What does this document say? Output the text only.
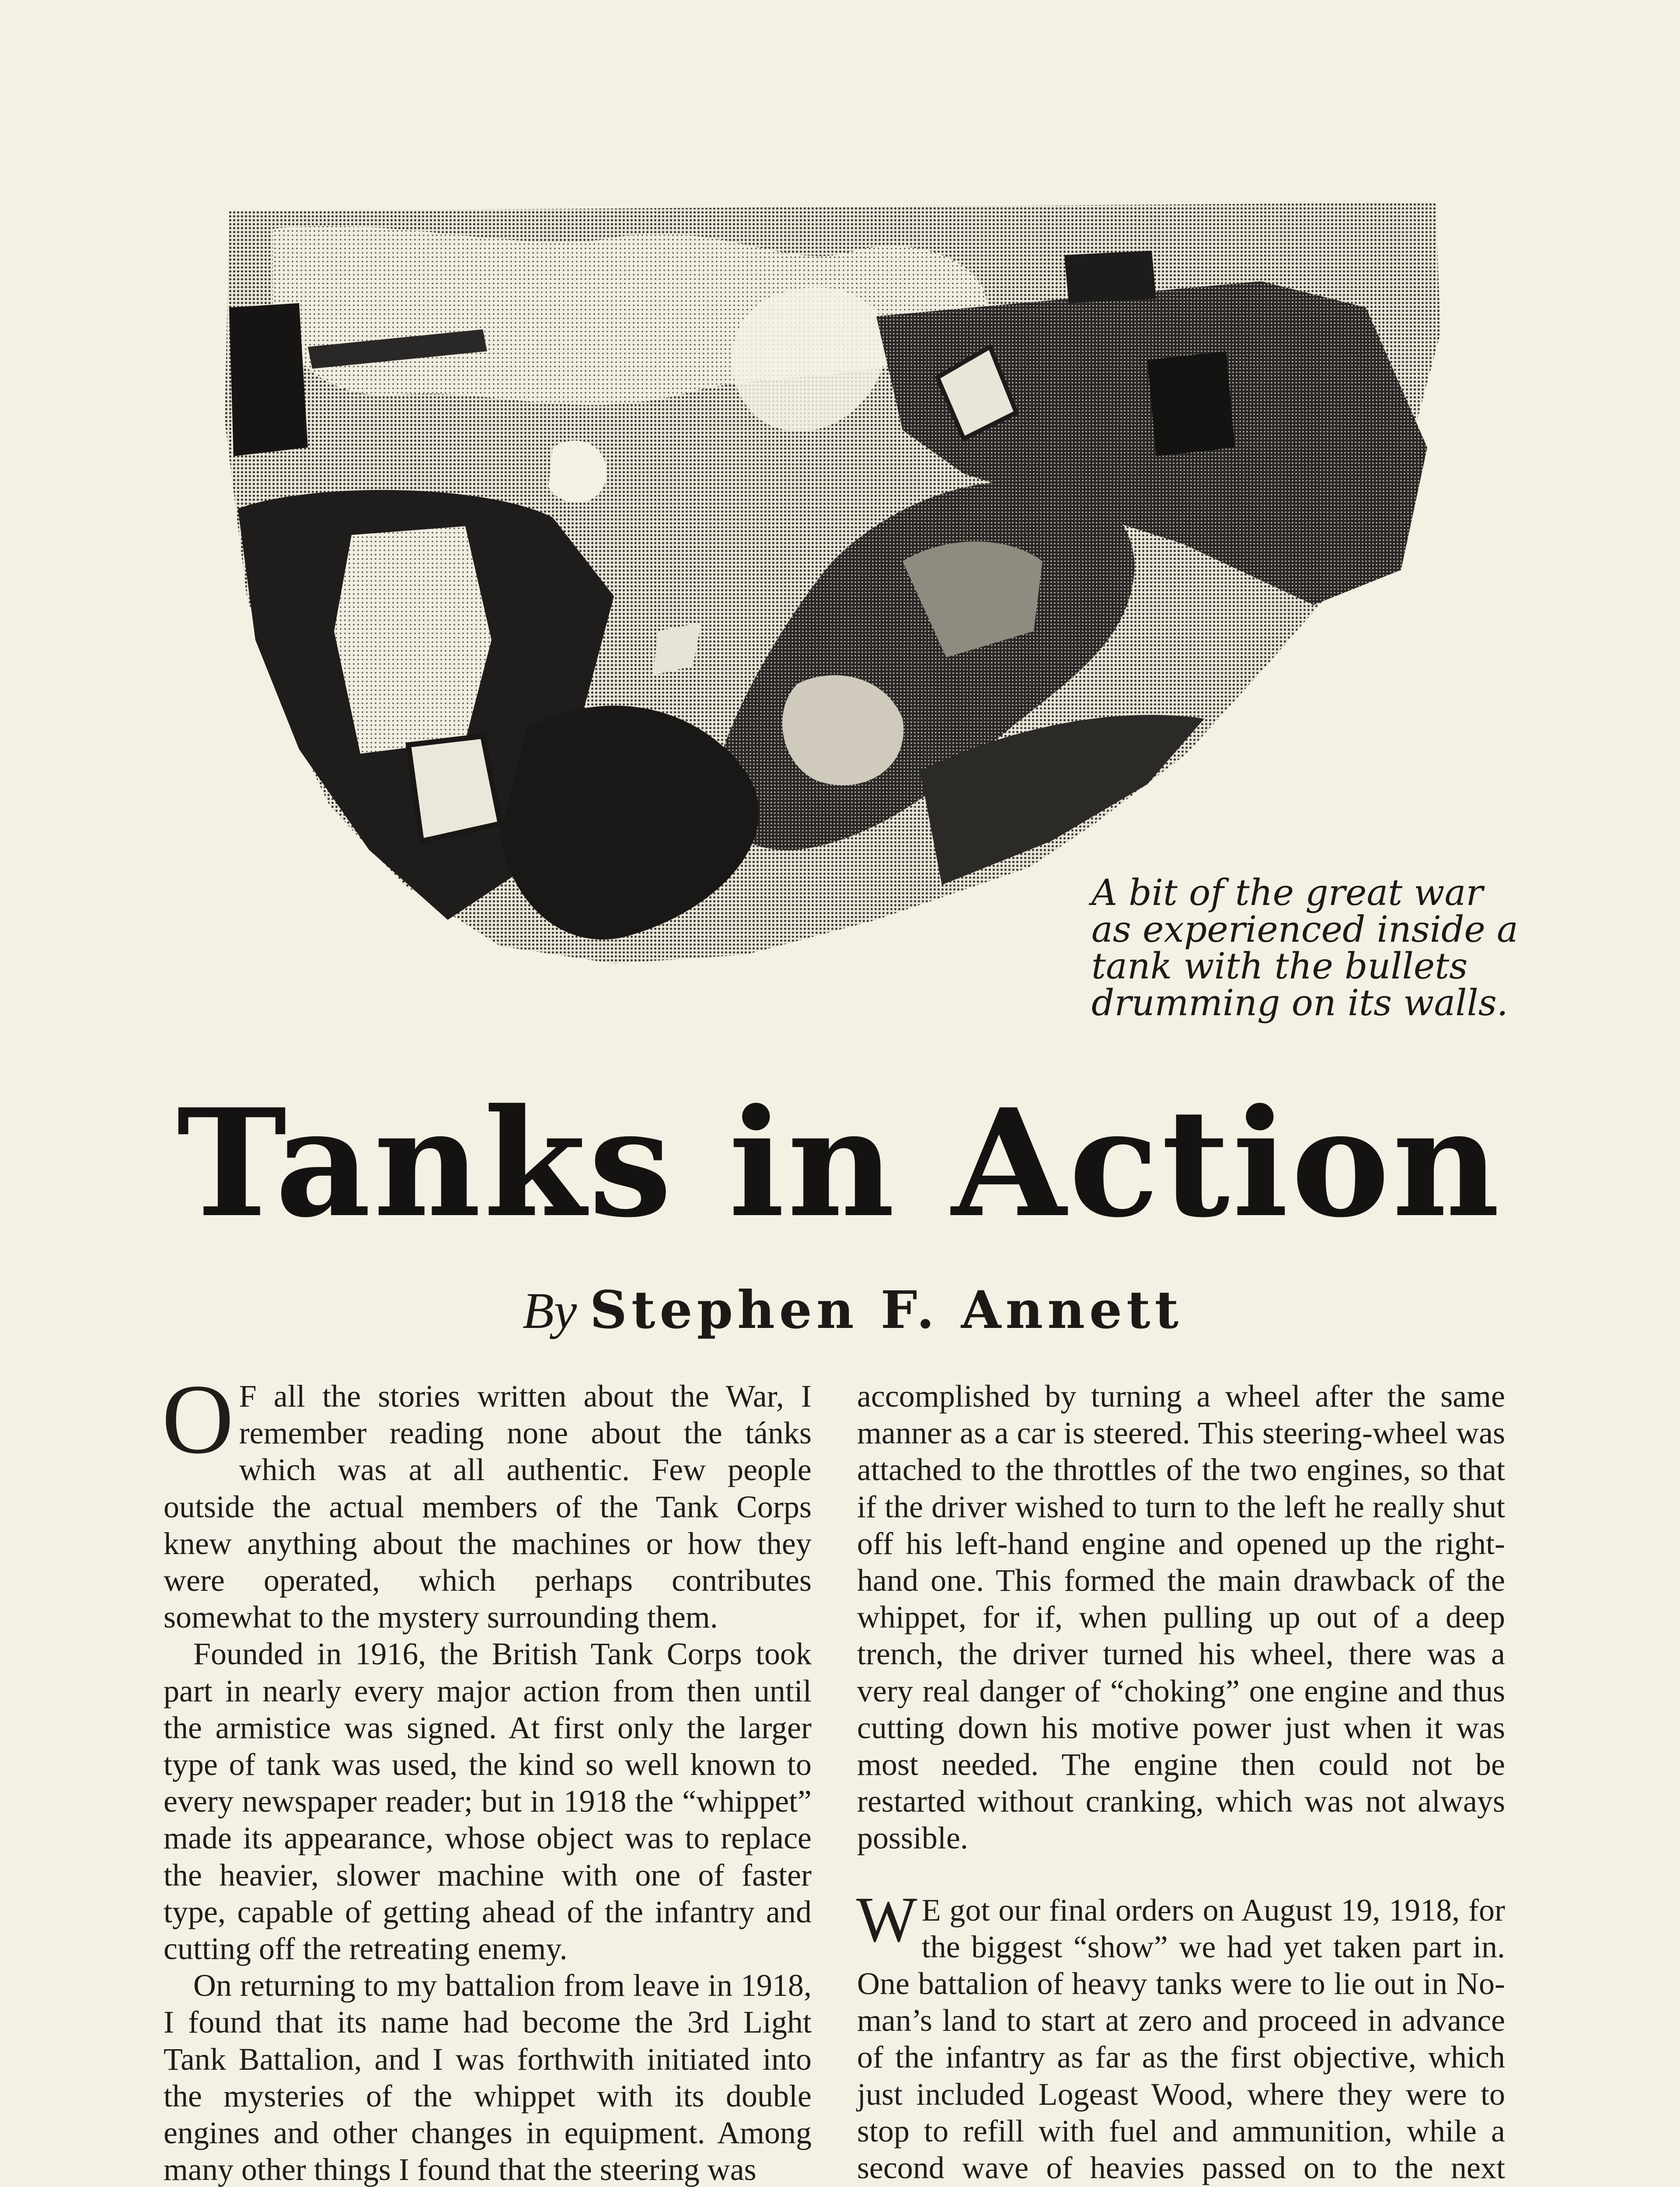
A bit of the great war
as experienced inside a
tank with the bullets
drumming on its walls.
Tanks in Action
By Stephen F. Annett

O F all the stories written about the War, I remember reading none about the tánks which was at all authentic. Few people outside the actual members of the Tank Corps knew anything about the machines or how they were operated, which perhaps contributes somewhat to the mystery surrounding them.

Founded in 1916, the British Tank Corps took part in nearly every major action from then until the armistice was signed. At first only the larger type of tank was used, the kind so well known to every newspaper reader; but in 1918 the “whippet” made its appearance, whose object was to replace the heavier, slower machine with one of faster type, capable of getting ahead of the infantry and cutting off the retreating enemy.

On returning to my battalion from leave in 1918, I found that its name had become the 3rd Light Tank Battalion, and I was forthwith initiated into the mysteries of the whippet with its double engines and other changes in equipment. Among many other things I found that the steering was

accomplished by turning a wheel after the same manner as a car is steered. This steering-wheel was attached to the throttles of the two engines, so that if the driver wished to turn to the left he really shut off his left-hand engine and opened up the right-hand one. This formed the main drawback of the whippet, for if, when pulling up out of a deep trench, the driver turned his wheel, there was a very real danger of “choking” one engine and thus cutting down his motive power just when it was most needed. The engine then could not be restarted without cranking, which was not always possible.

W E got our final orders on August 19, 1918, for the biggest “show” we had yet taken part in. One battalion of heavy tanks were to lie out in No-man’s land to start at zero and proceed in advance of the infantry as far as the first objective, which just included Logeast Wood, where they were to stop to refill with fuel and ammunition, while a second wave of heavies passed on to the next
